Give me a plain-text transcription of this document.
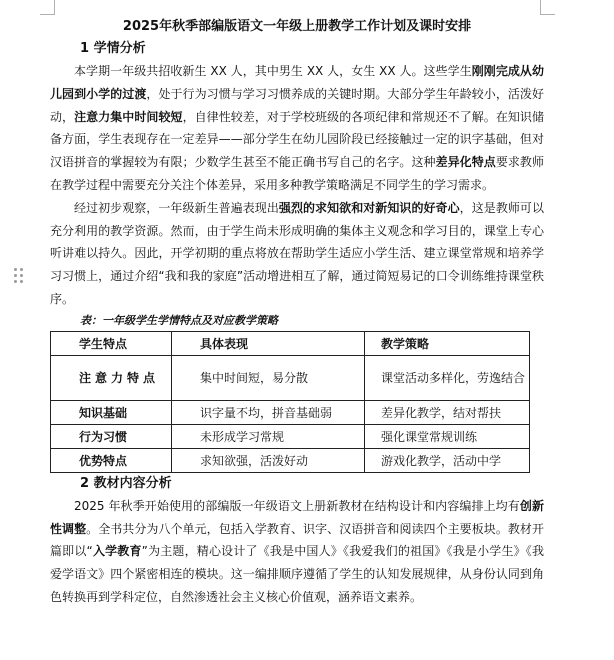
2025年秋季部编版语文一年级上册教学工作计划及课时安排
1 学情分析

本学期一年级共招收新生 XX 人，其中男生 XX 人，女生 XX 人。这些学生刚刚完成从幼儿园到小学的过渡，处于行为习惯与学习习惯养成的关键时期。大部分学生年龄较小，活泼好动，注意力集中时间较短，自律性较差，对于学校班级的各项纪律和常规还不了解。在知识储备方面，学生表现存在一定差异——部分学生在幼儿园阶段已经接触过一定的识字基础，但对汉语拼音的掌握较为有限；少数学生甚至不能正确书写自己的名字。这种差异化特点要求教师在教学过程中需要充分关注个体差异，采用多种教学策略满足不同学生的学习需求。

经过初步观察，一年级新生普遍表现出强烈的求知欲和对新知识的好奇心，这是教师可以充分利用的教学资源。然而，由于学生尚未形成明确的集体主义观念和学习目的，课堂上专心听讲难以持久。因此，开学初期的重点将放在帮助学生适应小学生活、建立课堂常规和培养学习习惯上，通过介绍“我和我的家庭”活动增进相互了解，通过简短易记的口令训练维持课堂秩序。

表：一年级学生学情特点及对应教学策略
学生特点	具体表现	教学策略
注意力特点	集中时间短，易分散	课堂活动多样化，劳逸结合
知识基础	识字量不均，拼音基础弱	差异化教学，结对帮扶
行为习惯	未形成学习常规	强化课堂常规训练
优势特点	求知欲强，活泼好动	游戏化教学，活动中学
2 教材内容分析

2025 年秋季开始使用的部编版一年级语文上册新教材在结构设计和内容编排上均有创新性调整。全书共分为八个单元，包括入学教育、识字、汉语拼音和阅读四个主要板块。教材开篇即以“入学教育”为主题，精心设计了《我是中国人》《我爱我们的祖国》《我是小学生》《我爱学语文》四个紧密相连的模块。这一编排顺序遵循了学生的认知发展规律，从身份认同到角色转换再到学科定位，自然渗透社会主义核心价值观，涵养语文素养。
